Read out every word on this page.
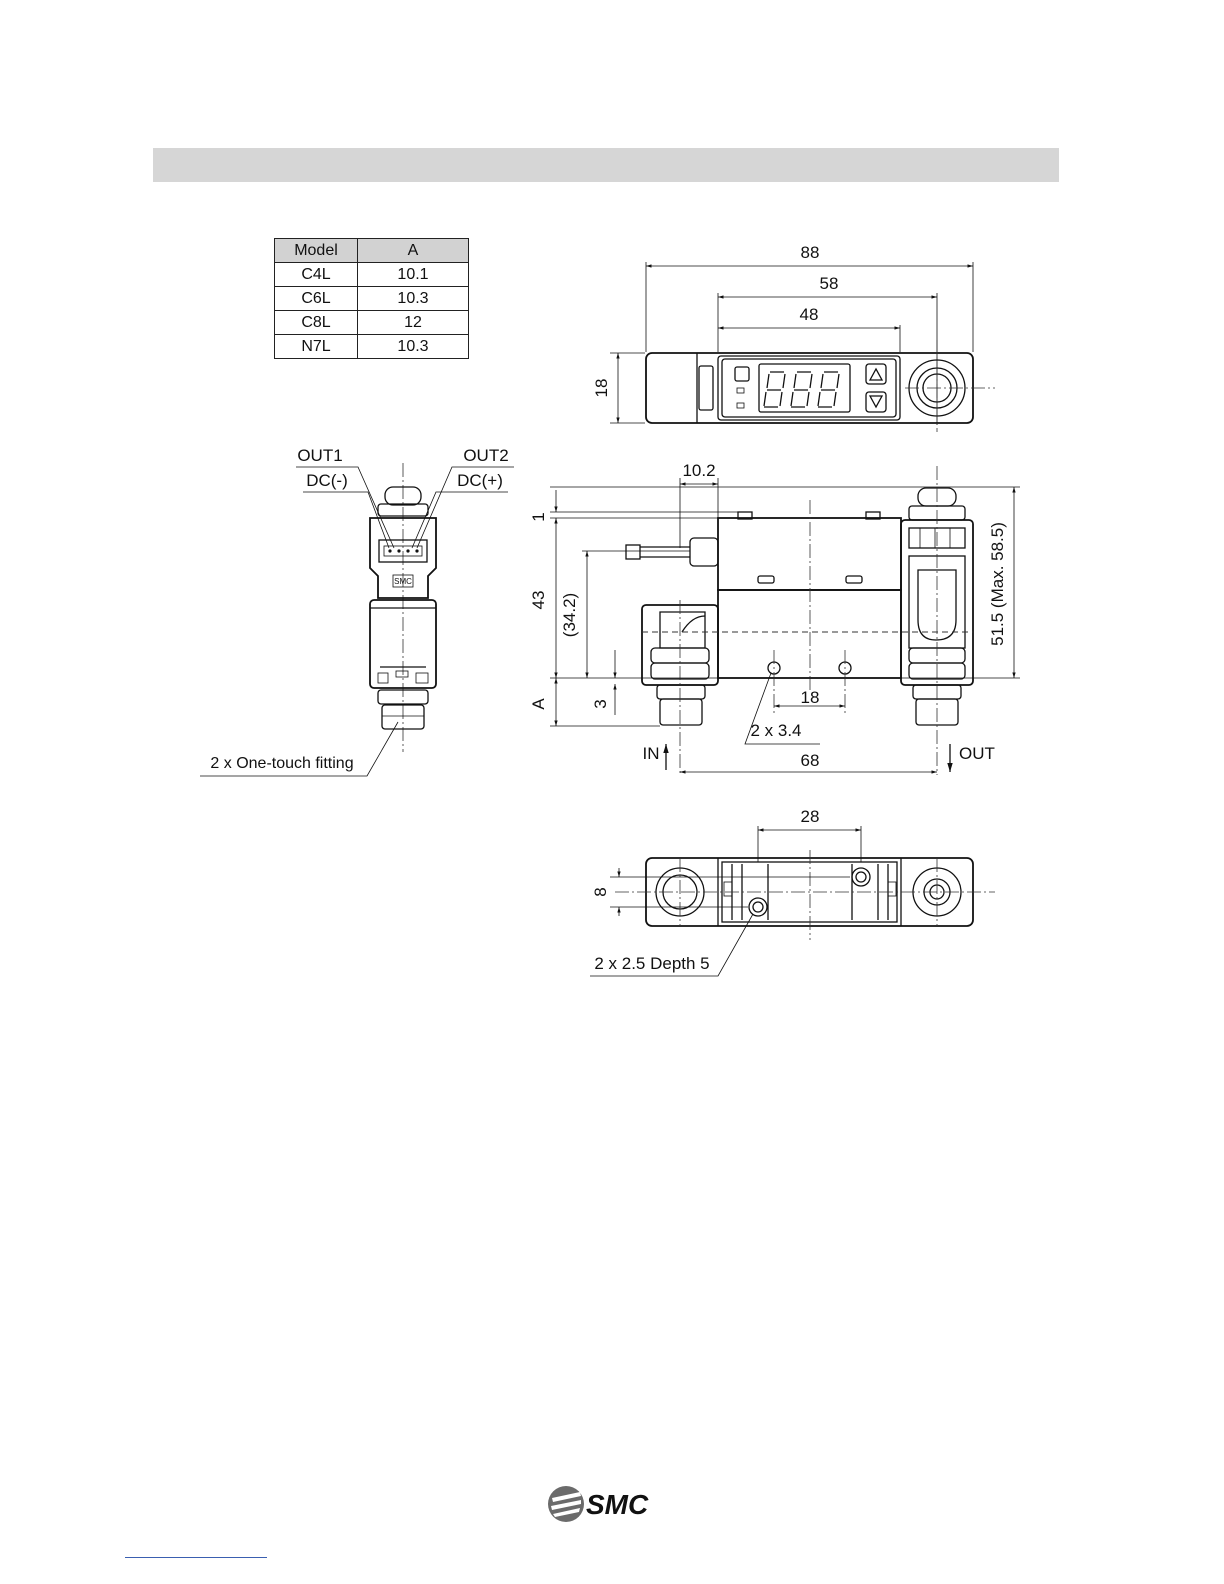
Model	A
C4L	10.1
C6L	10.3
C8L	12
N7L	10.3
88
58
48
18
OUT1	OUT2
DC(-)	DC(+)
SMC
2 x One-touch fitting
10.2
1
43 (34.2)
A	3	18
2 x 3.4
IN	OUT
68
51.5 (Max. 58.5)
28
8
2 x 2.5 Depth 5
SMC
